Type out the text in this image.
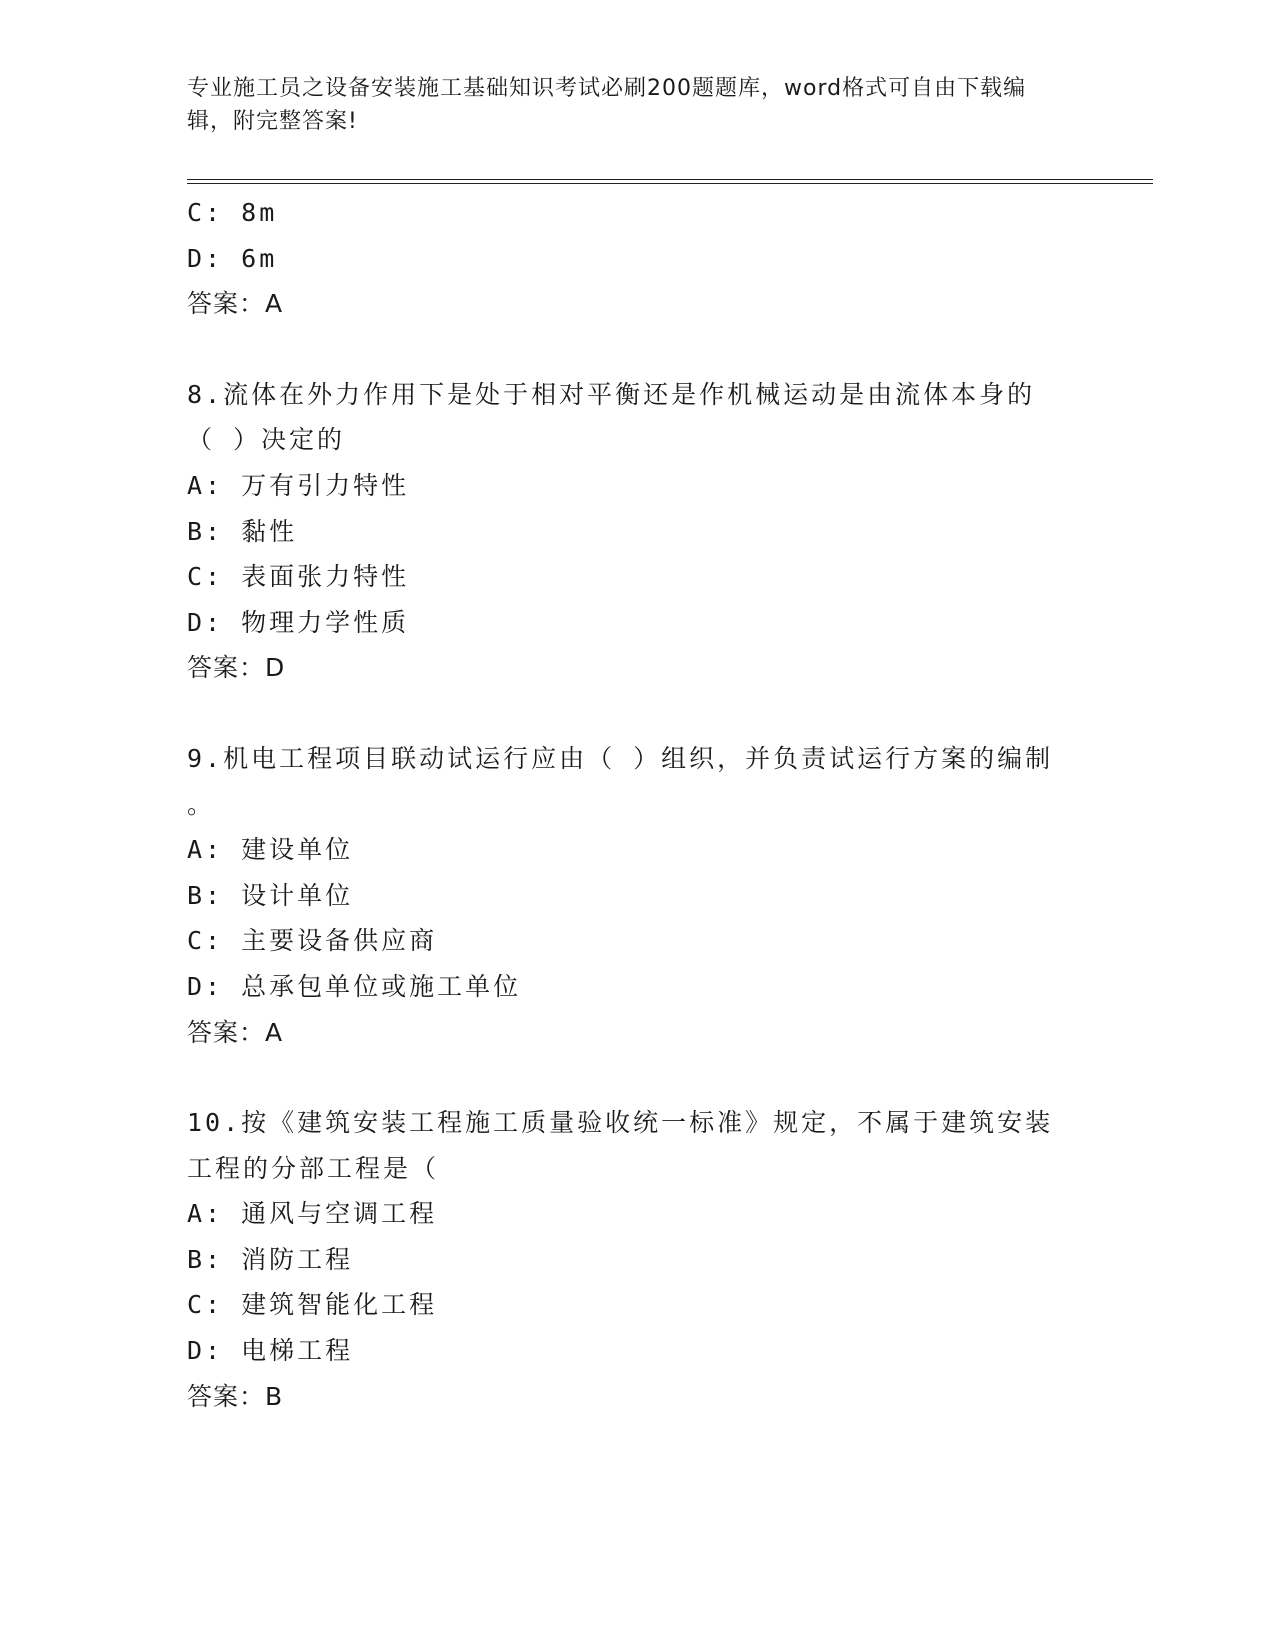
专业施工员之设备安装施工基础知识考试必刷200题题库，word格式可自由下载编辑，附完整答案!
C: 8m
D: 6m
答案：A
8.流体在外力作用下是处于相对平衡还是作机械运动是由流体本身的
（ ）决定的
A: 万有引力特性
B: 黏性
C: 表面张力特性
D: 物理力学性质
答案：D
9.机电工程项目联动试运行应由（ ）组织，并负责试运行方案的编制
。
A: 建设单位
B: 设计单位
C: 主要设备供应商
D: 总承包单位或施工单位
答案：A
10.按《建筑安装工程施工质量验收统一标准》规定，不属于建筑安装
工程的分部工程是（
A: 通风与空调工程
B: 消防工程
C: 建筑智能化工程
D: 电梯工程
答案：B
